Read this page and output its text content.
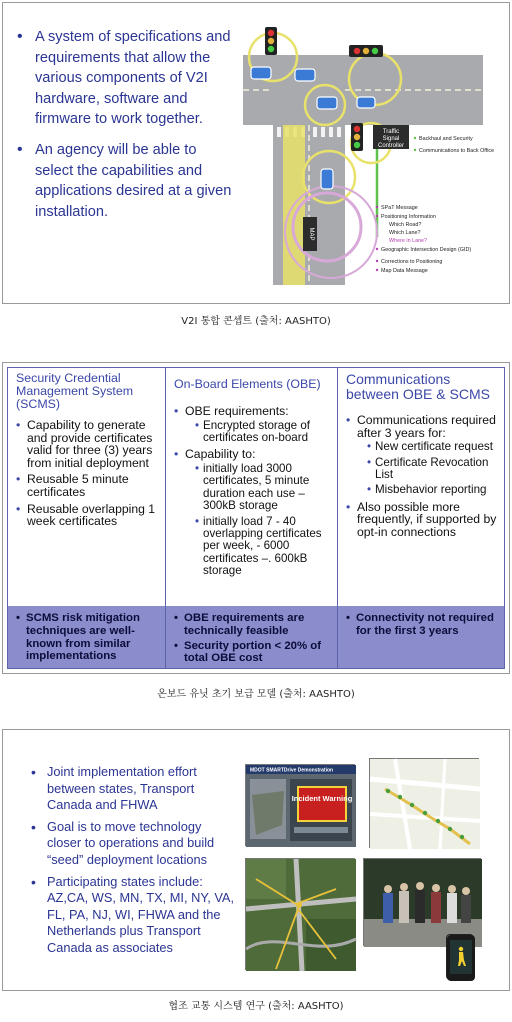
• A system of specifications and requirements that allow the various components of V2I hardware, software and firmware to work together.
• An agency will be able to select the capabilities and applications desired at a given installation.
Traffic
Signal
Controller
MAP
Backhaul and Security
Communications to Back Office
SPaT Message
Positioning Information
Which Road?
Which Lane?
Where in Lane?
Geographic Intersection Design (GID)
Corrections to Positioning
Map Data Message
V2I 통합 콘셉트 (출처: AASHTO)
Security Credential Management System (SCMS)
• Capability to generate and provide certificates valid for three (3) years from initial deployment
• Reusable 5 minute certificates
• Reusable overlapping 1 week certificates
On-Board Elements (OBE)
• OBE requirements:
• Encrypted storage of certificates on-board
• Capability to:
• initially load 3000 certificates, 5 minute duration each use – 300kB storage
• initially load 7 - 40 overlapping certificates per week, - 6000 certificates –. 600kB storage
Communications between OBE & SCMS
• Communications required after 3 years for:
• New certificate request
• Certificate Revocation List
• Misbehavior reporting
• Also possible more frequently, if supported by opt-in connections
• SCMS risk mitigation techniques are well-known from similar implementations
• OBE requirements are technically feasible
• Security portion < 20% of total OBE cost
• Connectivity not required for the first 3 years
온보드 유닛 초기 보급 모델 (출처: AASHTO)
• Joint implementation effort between states, Transport Canada and FHWA
• Goal is to move technology closer to operations and build “seed” deployment locations
• Participating states include: AZ,CA, WS, MN, TX, MI, NY, VA, FL, PA, NJ, WI, FHWA and the Netherlands plus Transport Canada as associates
MDOT SMARTDrive Demonstration
Incident Warning
협조 교통 시스템 연구 (출처: AASHTO)
